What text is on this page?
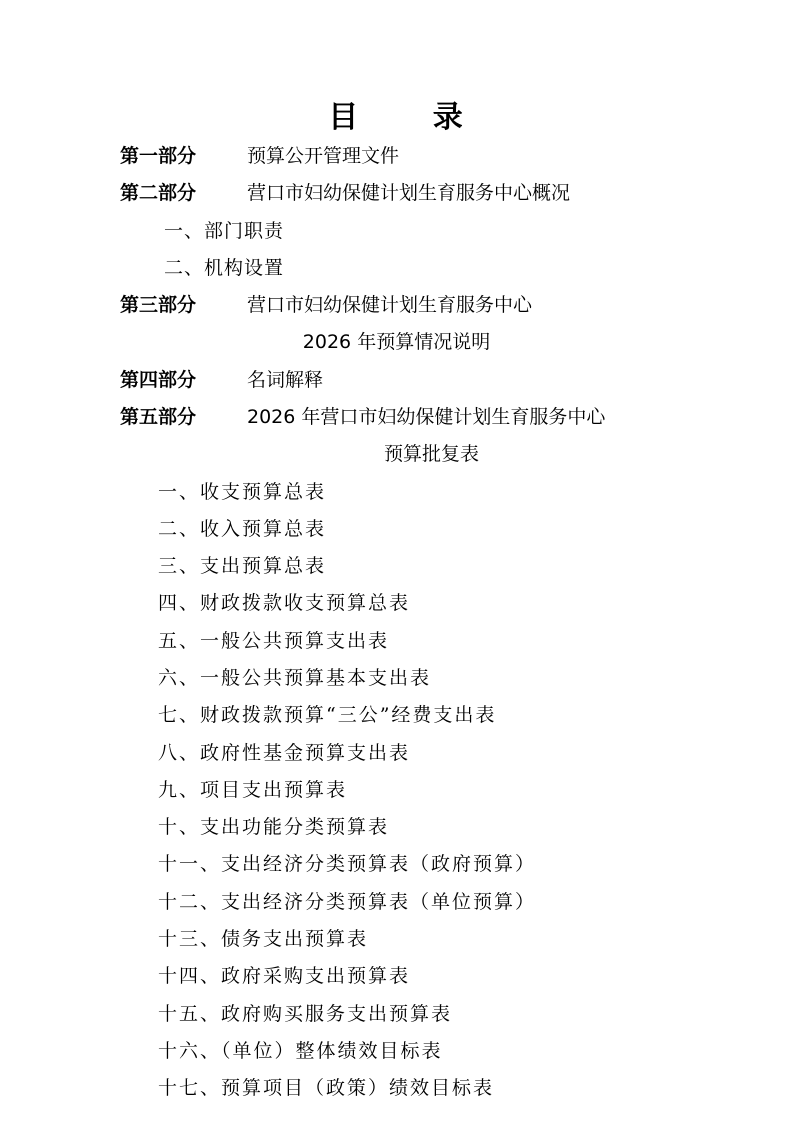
目 录
第一部分	预算公开管理文件
第二部分	营口市妇幼保健计划生育服务中心概况
一、部门职责
二、机构设置
第三部分	营口市妇幼保健计划生育服务中心
2026 年预算情况说明
第四部分	名词解释
第五部分	2026 年营口市妇幼保健计划生育服务中心
预算批复表
一、收支预算总表
二、收入预算总表
三、支出预算总表
四、财政拨款收支预算总表
五、一般公共预算支出表
六、一般公共预算基本支出表
七、财政拨款预算“三公”经费支出表
八、政府性基金预算支出表
九、项目支出预算表
十、支出功能分类预算表
十一、支出经济分类预算表（政府预算）
十二、支出经济分类预算表（单位预算）
十三、债务支出预算表
十四、政府采购支出预算表
十五、政府购买服务支出预算表
十六、（单位）整体绩效目标表
十七、预算项目（政策）绩效目标表
